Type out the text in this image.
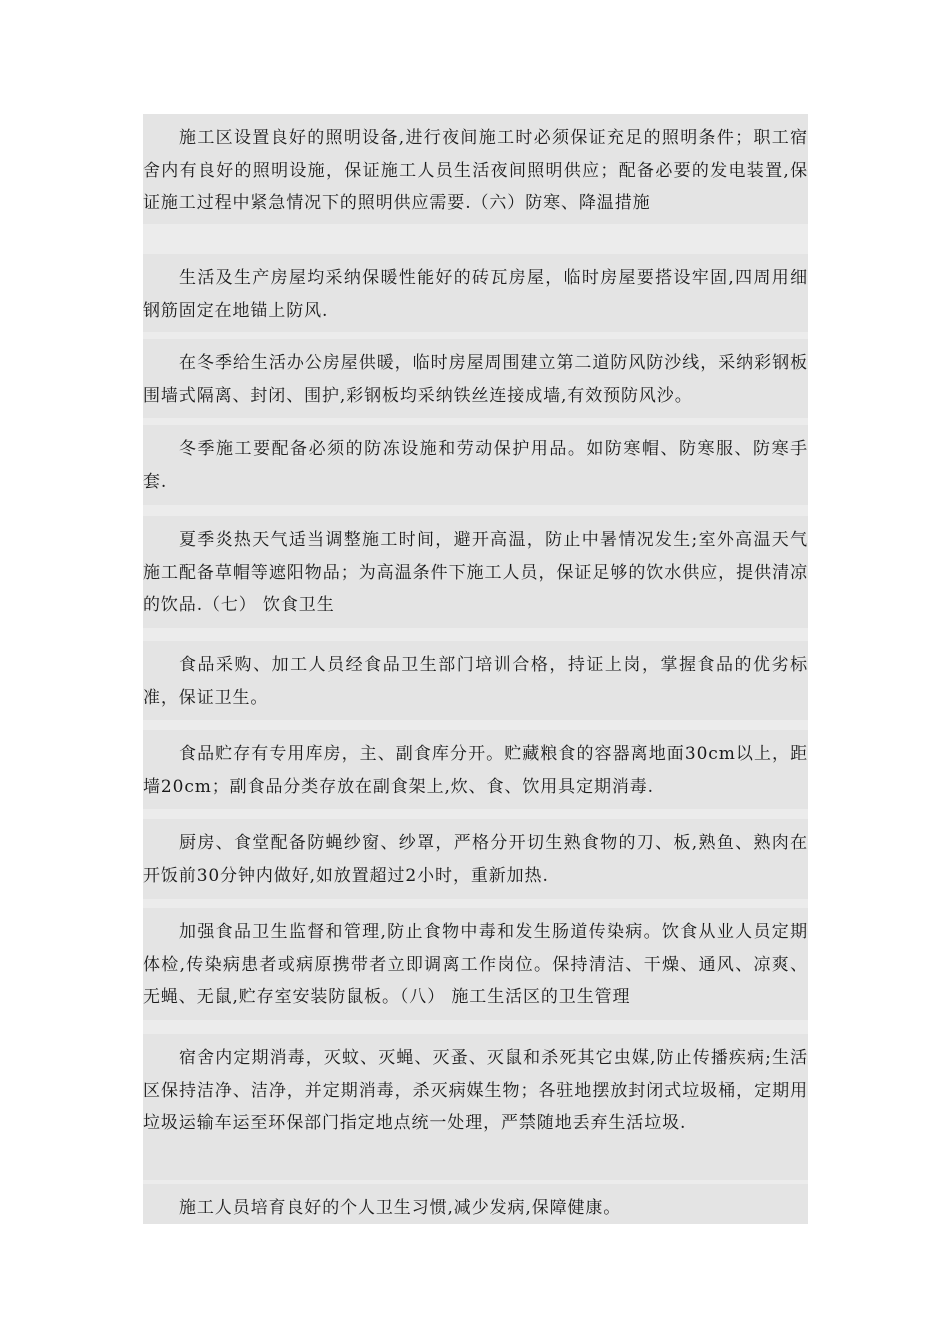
施工区设置良好的照明设备,进行夜间施工时必须保证充足的照明条件；职工宿舍内有良好的照明设施，保证施工人员生活夜间照明供应；配备必要的发电装置,保证施工过程中紧急情况下的照明供应需要.（六）防寒、降温措施
生活及生产房屋均采纳保暖性能好的砖瓦房屋，临时房屋要搭设牢固,四周用细钢筋固定在地锚上防风.
在冬季给生活办公房屋供暖，临时房屋周围建立第二道防风防沙线，采纳彩钢板围墙式隔离、封闭、围护,彩钢板均采纳铁丝连接成墙,有效预防风沙。
冬季施工要配备必须的防冻设施和劳动保护用品。如防寒帽、防寒服、防寒手套.
夏季炎热天气适当调整施工时间，避开高温，防止中暑情况发生;室外高温天气施工配备草帽等遮阳物品；为高温条件下施工人员，保证足够的饮水供应，提供清凉的饮品.（七） 饮食卫生
食品采购、加工人员经食品卫生部门培训合格，持证上岗，掌握食品的优劣标准，保证卫生。
食品贮存有专用库房，主、副食库分开。贮藏粮食的容器离地面30cm以上，距墙20cm；副食品分类存放在副食架上,炊、食、饮用具定期消毒.
厨房、食堂配备防蝇纱窗、纱罩，严格分开切生熟食物的刀、板,熟鱼、熟肉在开饭前30分钟内做好,如放置超过2小时，重新加热.
加强食品卫生监督和管理,防止食物中毒和发生肠道传染病。饮食从业人员定期体检,传染病患者或病原携带者立即调离工作岗位。保持清洁、干燥、通风、凉爽、无蝇、无鼠,贮存室安装防鼠板。（八） 施工生活区的卫生管理
宿舍内定期消毒，灭蚊、灭蝇、灭蚤、灭鼠和杀死其它虫媒,防止传播疾病;生活区保持洁净、洁净，并定期消毒，杀灭病媒生物；各驻地摆放封闭式垃圾桶，定期用垃圾运输车运至环保部门指定地点统一处理，严禁随地丢弃生活垃圾.
施工人员培育良好的个人卫生习惯,减少发病,保障健康。
